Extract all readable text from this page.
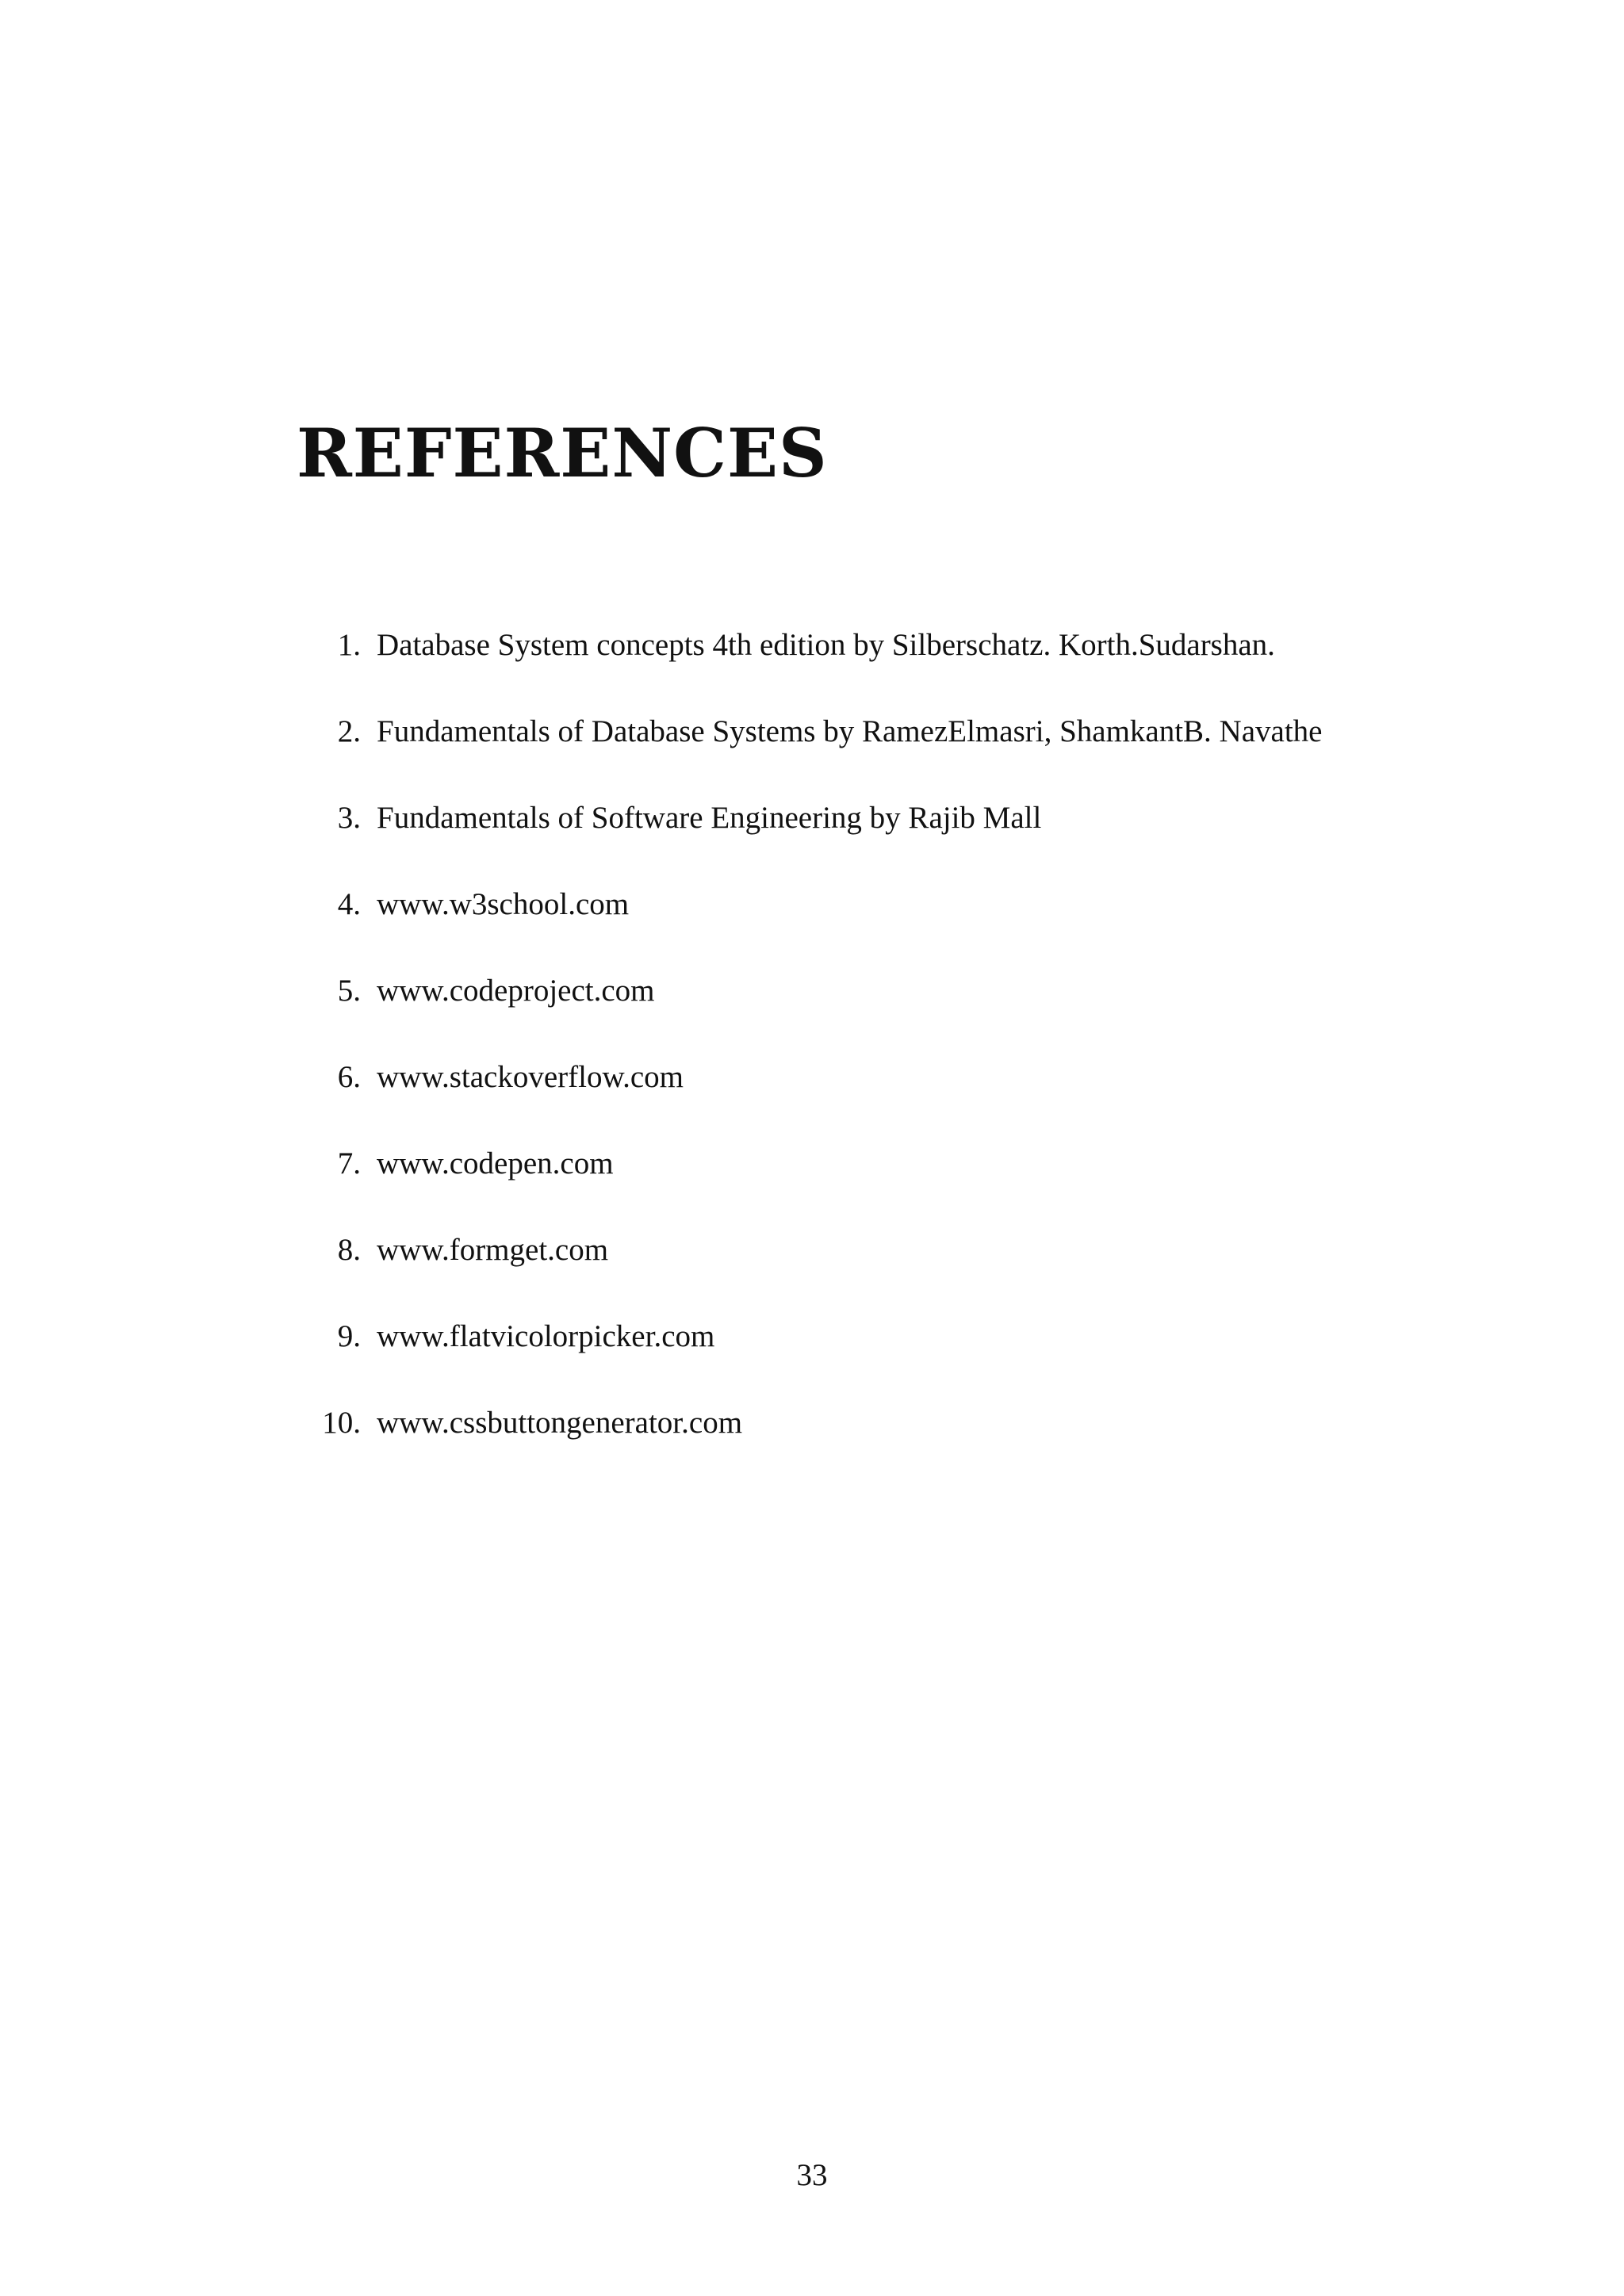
REFERENCES
1. Database System concepts 4th edition by Silberschatz. Korth.Sudarshan.
2. Fundamentals of Database Systems by RamezElmasri, ShamkantB. Navathe
3. Fundamentals of Software Engineering by Rajib Mall
4. www.w3school.com
5. www.codeproject.com
6. www.stackoverflow.com
7. www.codepen.com
8. www.formget.com
9. www.flatvicolorpicker.com
10. www.cssbuttongenerator.com
33
